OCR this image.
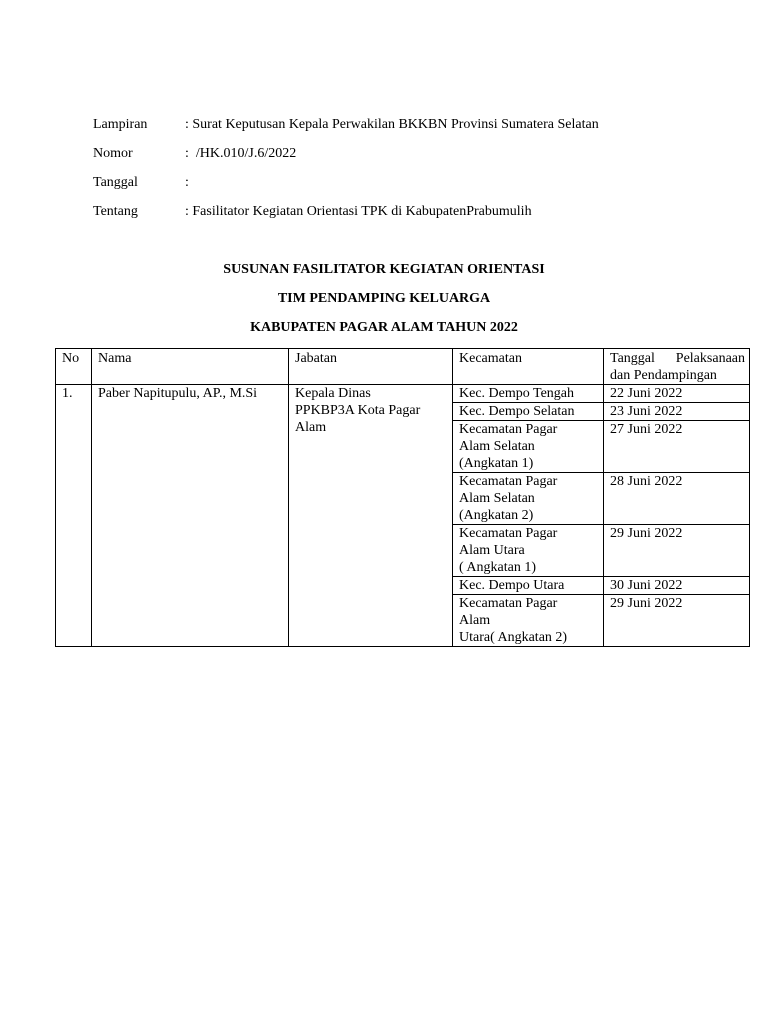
Lampiran	: Surat Keputusan Kepala Perwakilan BKKBN Provinsi Sumatera Selatan
Nomor	:  /HK.010/J.6/2022
Tanggal	:
Tentang	: Fasilitator Kegiatan Orientasi TPK di KabupatenPrabumulih
SUSUNAN FASILITATOR KEGIATAN ORIENTASI
TIM PENDAMPING KELUARGA
KABUPATEN PAGAR ALAM TAHUN 2022
No	Nama	Jabatan	Kecamatan	Tanggal Pelaksanaan
dan Pendampingan

1.	Paber Napitupulu, AP., M.Si	Kepala Dinas
PPKBP3A Kota Pagar
Alam	Kec. Dempo Tengah	22 Juni 2022

			Kec. Dempo Selatan	23 Juni 2022

			Kecamatan Pagar
Alam Selatan
(Angkatan 1)	27 Juni 2022

			Kecamatan Pagar
Alam Selatan
(Angkatan 2)	28 Juni 2022

			Kecamatan Pagar
Alam Utara
( Angkatan 1)	29 Juni 2022

			Kec. Dempo Utara	30 Juni 2022

			Kecamatan Pagar
Alam
Utara( Angkatan 2)	29 Juni 2022
